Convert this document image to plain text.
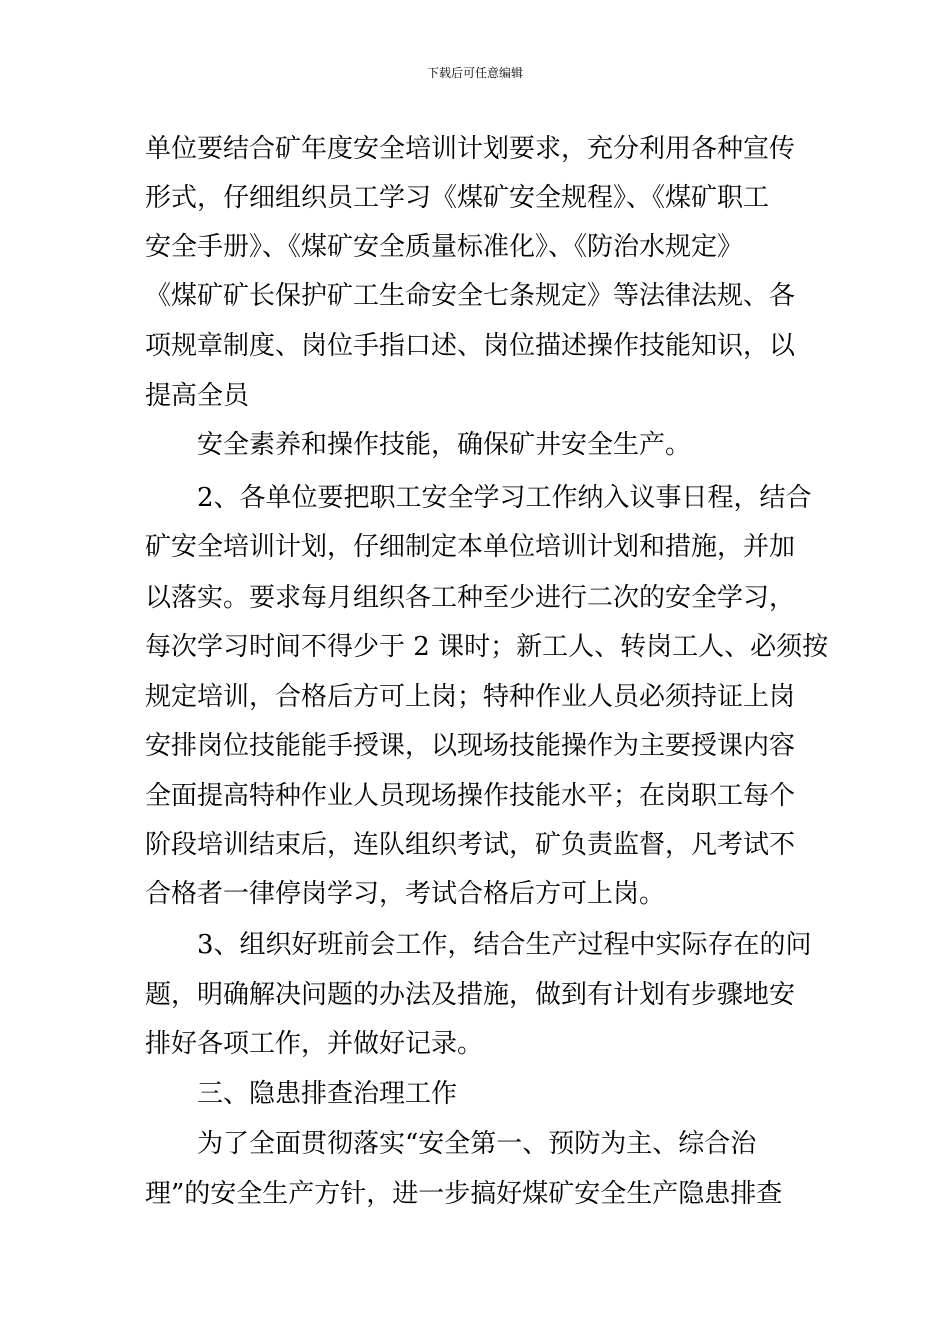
下载后可任意编辑
单位要结合矿年度安全培训计划要求，充分利用各种宣传
形式，仔细组织员工学习《煤矿安全规程》、《煤矿职工
安全手册》、《煤矿安全质量标准化》、《防治水规定》
《煤矿矿长保护矿工生命安全七条规定》等法律法规、各
项规章制度、岗位手指口述、岗位描述操作技能知识，以
提高全员
安全素养和操作技能，确保矿井安全生产。
2、各单位要把职工安全学习工作纳入议事日程，结合
矿安全培训计划，仔细制定本单位培训计划和措施，并加
以落实。要求每月组织各工种至少进行二次的安全学习，
每次学习时间不得少于 2 课时；新工人、转岗工人、必须按
规定培训，合格后方可上岗；特种作业人员必须持证上岗
安排岗位技能能手授课，以现场技能操作为主要授课内容
全面提高特种作业人员现场操作技能水平；在岗职工每个
阶段培训结束后，连队组织考试，矿负责监督，凡考试不
合格者一律停岗学习，考试合格后方可上岗。
3、组织好班前会工作，结合生产过程中实际存在的问
题，明确解决问题的办法及措施，做到有计划有步骤地安
排好各项工作，并做好记录。
三、隐患排查治理工作
为了全面贯彻落实“安全第一、预防为主、综合治
理”的安全生产方针，进一步搞好煤矿安全生产隐患排查
